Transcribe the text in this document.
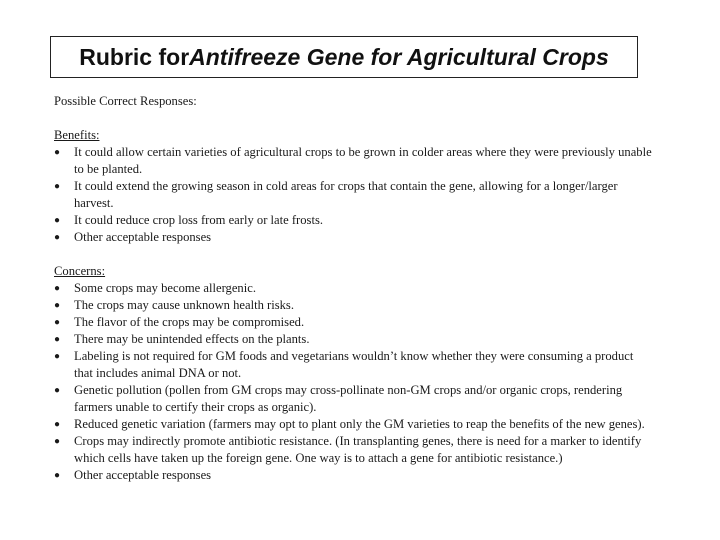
Rubric for Antifreeze Gene for Agricultural Crops

Possible Correct Responses:

Benefits:

●	It could allow certain varieties of agricultural crops to be grown in colder areas where they were previously unable to be planted.
●	It could extend the growing season in cold areas for crops that contain the gene, allowing for a longer/larger harvest.
●	It could reduce crop loss from early or late frosts.
●	Other acceptable responses

Concerns:

●	Some crops may become allergenic.
●	The crops may cause unknown health risks.
●	The flavor of the crops may be compromised.
●	There may be unintended effects on the plants.
●	Labeling is not required for GM foods and vegetarians wouldn’t know whether they were consuming a product that includes animal DNA or not.
●	Genetic pollution (pollen from GM crops may cross-pollinate non-GM crops and/or organic crops, rendering farmers unable to certify their crops as organic).
●	Reduced genetic variation (farmers may opt to plant only the GM varieties to reap the benefits of the new genes).
●	Crops may indirectly promote antibiotic resistance. (In transplanting genes, there is need for a marker to identify which cells have taken up the foreign gene. One way is to attach a gene for antibiotic resistance.)
●	Other acceptable responses
